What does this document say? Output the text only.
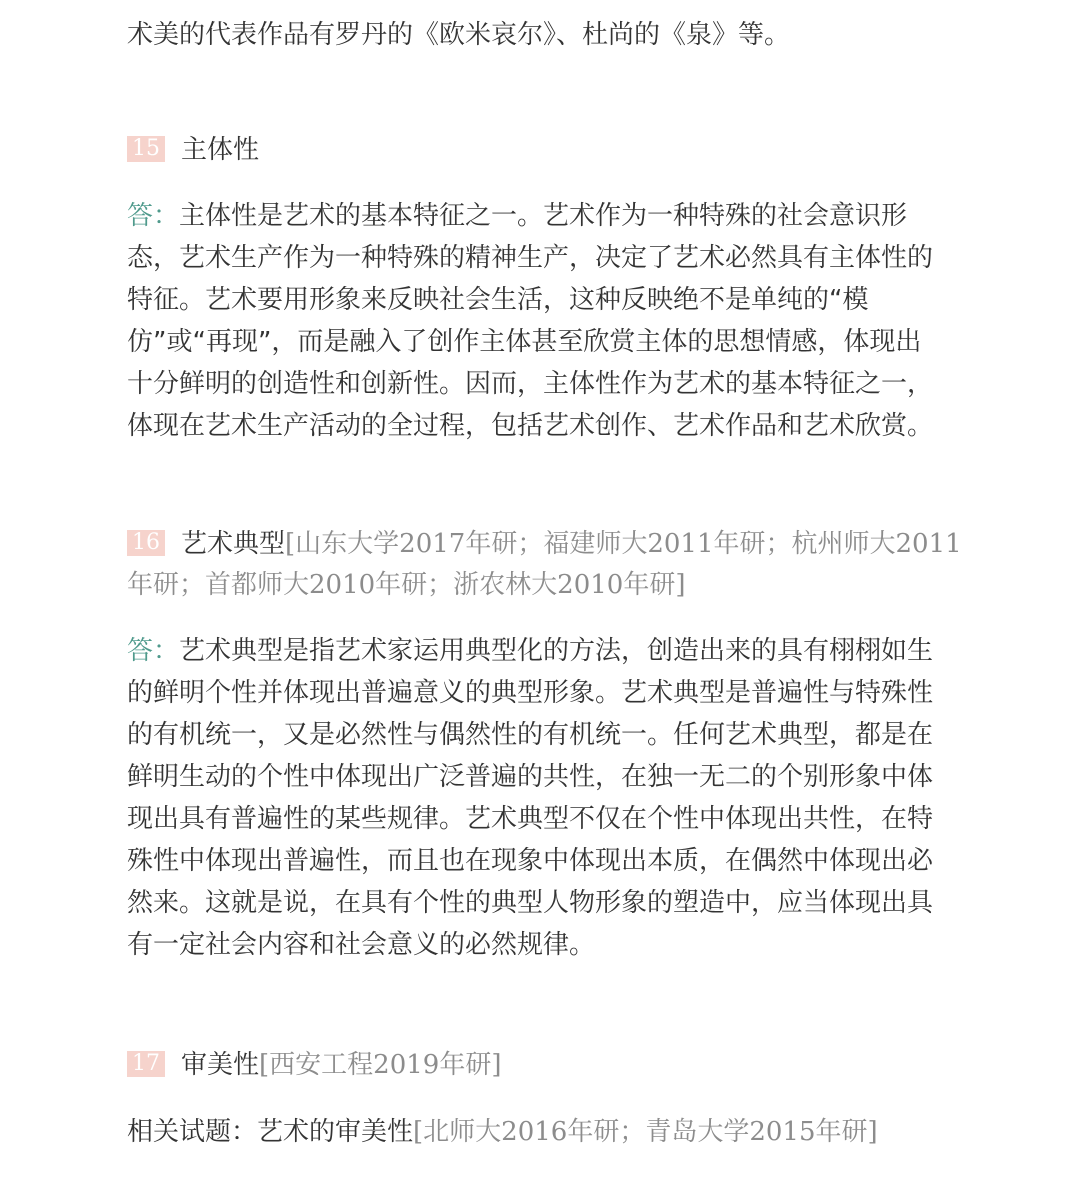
术美的代表作品有罗丹的《欧米哀尔》、杜尚的《泉》等。
15 主体性
答：主体性是艺术的基本特征之一。艺术作为一种特殊的社会意识形
态，艺术生产作为一种特殊的精神生产，决定了艺术必然具有主体性的
特征。艺术要用形象来反映社会生活，这种反映绝不是单纯的“模
仿”或“再现”，而是融入了创作主体甚至欣赏主体的思想情感，体现出
十分鲜明的创造性和创新性。因而，主体性作为艺术的基本特征之一，
体现在艺术生产活动的全过程，包括艺术创作、艺术作品和艺术欣赏。
16 艺术典型[山东大学2017年研；福建师大2011年研；杭州师大2011
年研；首都师大2010年研；浙农林大2010年研]
答：艺术典型是指艺术家运用典型化的方法，创造出来的具有栩栩如生
的鲜明个性并体现出普遍意义的典型形象。艺术典型是普遍性与特殊性
的有机统一，又是必然性与偶然性的有机统一。任何艺术典型，都是在
鲜明生动的个性中体现出广泛普遍的共性，在独一无二的个别形象中体
现出具有普遍性的某些规律。艺术典型不仅在个性中体现出共性，在特
殊性中体现出普遍性，而且也在现象中体现出本质，在偶然中体现出必
然来。这就是说，在具有个性的典型人物形象的塑造中，应当体现出具
有一定社会内容和社会意义的必然规律。
17 审美性[西安工程2019年研]
相关试题：艺术的审美性[北师大2016年研；青岛大学2015年研]
